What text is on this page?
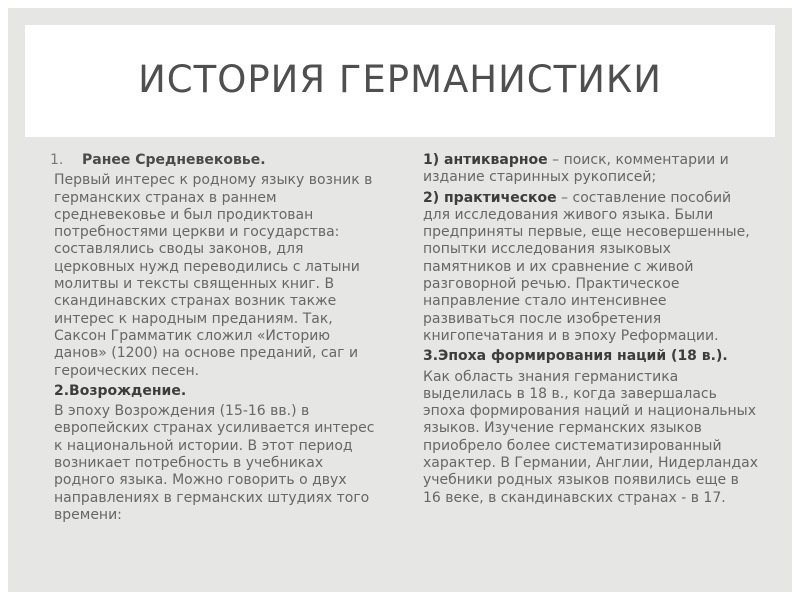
ИСТОРИЯ ГЕРМАНИСТИКИ

1. Ранее Средневековье.

Первый интерес к родному языку возник в германских странах в раннем средневековье и был продиктован потребностями церкви и государства: составлялись своды законов, для церковных нужд переводились с латыни молитвы и тексты священных книг. В скандинавских странах возник также интерес к народным преданиям. Так, Саксон Грамматик сложил «Историю данов» (1200) на основе преданий, саг и героических песен.

2.Возрождение.

В эпоху Возрождения (15-16 вв.) в европейских странах усиливается интерес к национальной истории. В этот период возникает потребность в учебниках родного языка. Можно говорить о двух направлениях в германских штудиях того времени:

1) антикварное – поиск, комментарии и издание старинных рукописей;

2) практическое – составление пособий для исследования живого языка. Были предприняты первые, еще несовершенные, попытки исследования языковых памятников и их сравнение с живой разговорной речью. Практическое направление стало интенсивнее развиваться после изобретения книгопечатания и в эпоху Реформации.

3.Эпоха формирования наций (18 в.).

Как область знания германистика выделилась в 18 в., когда завершалась эпоха формирования наций и национальных языков. Изучение германских языков приобрело более систематизированный характер. В Германии, Англии, Нидерландах учебники родных языков появились еще в 16 веке, в скандинавских странах - в 17.
